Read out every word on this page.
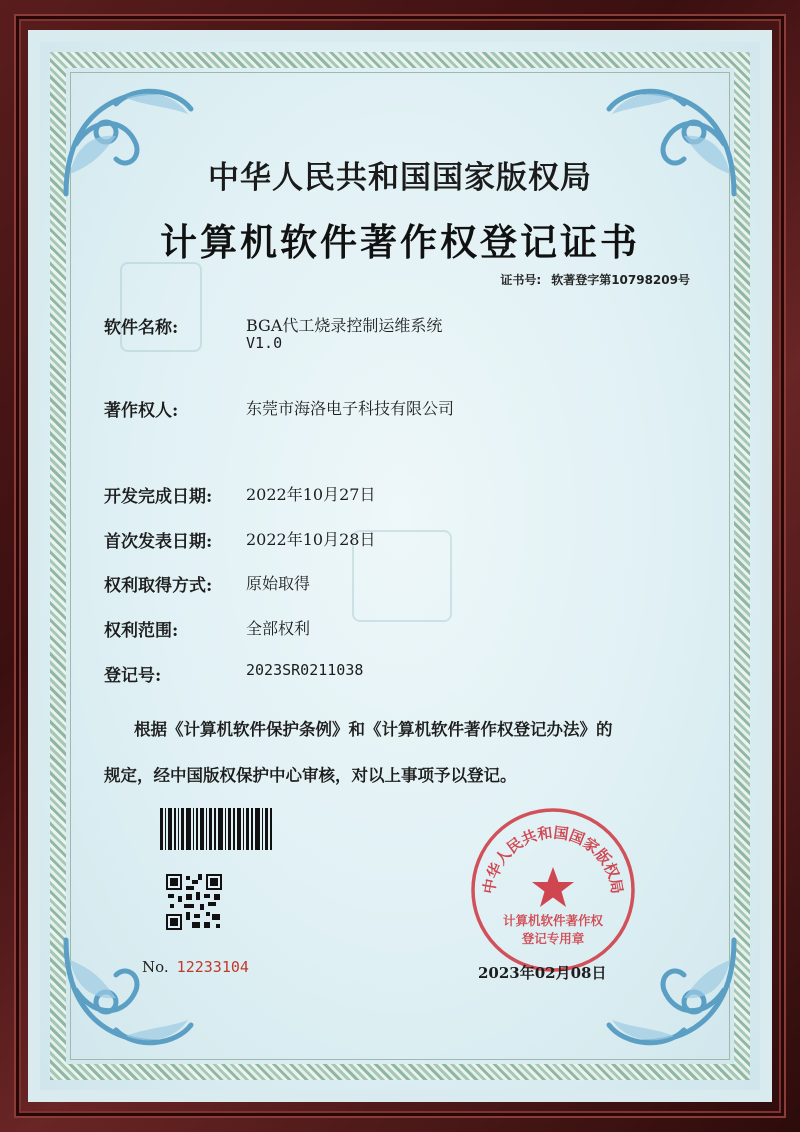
中华人民共和国国家版权局
计算机软件著作权登记证书
证书号: 软著登字第10798209号
软件名称:	BGA代工烧录控制运维系统
V1.0
著作权人:	东莞市海洛电子科技有限公司
开发完成日期:	2022年10月27日
首次发表日期:	2022年10月28日
权利取得方式:	原始取得
权利范围:	全部权利
登记号:	2023SR0211038
根据《计算机软件保护条例》和《计算机软件著作权登记办法》的
规定，经中国版权保护中心审核，对以上事项予以登记。
No. 12233104
中华人民共和国国家版权局
计算机软件著作权
登记专用章
2023年02月08日
